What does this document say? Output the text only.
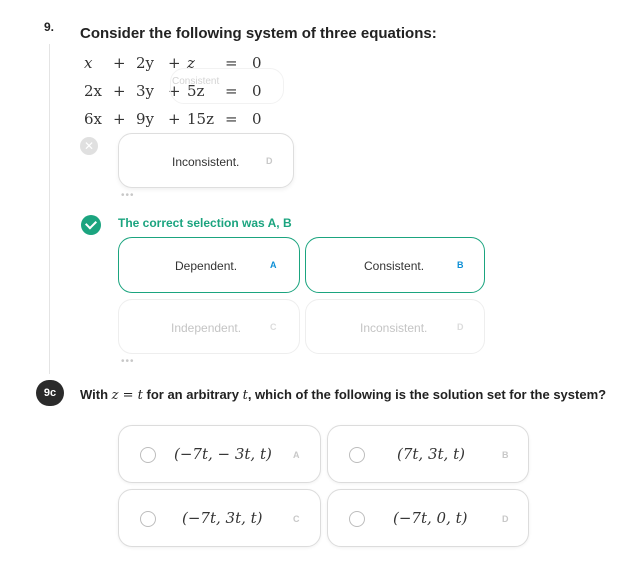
9. Consider the following system of three equations:
x + 2y + z = 0
2x + 3y + 5z = 0
6x + 9y + 15z = 0
Consistent
✕
Inconsistent.	D
•••
The correct selection was A, B
Dependent.	A	Consistent.	B
Independent.	C	Inconsistent.	D
•••
9c	With z = t for an arbitrary t, which of the following is the solution set for the system?
(−7t, − 3t, t) A	(7t, 3t, t)	B
(−7t, 3t, t)	C	(−7t, 0, t)	D
